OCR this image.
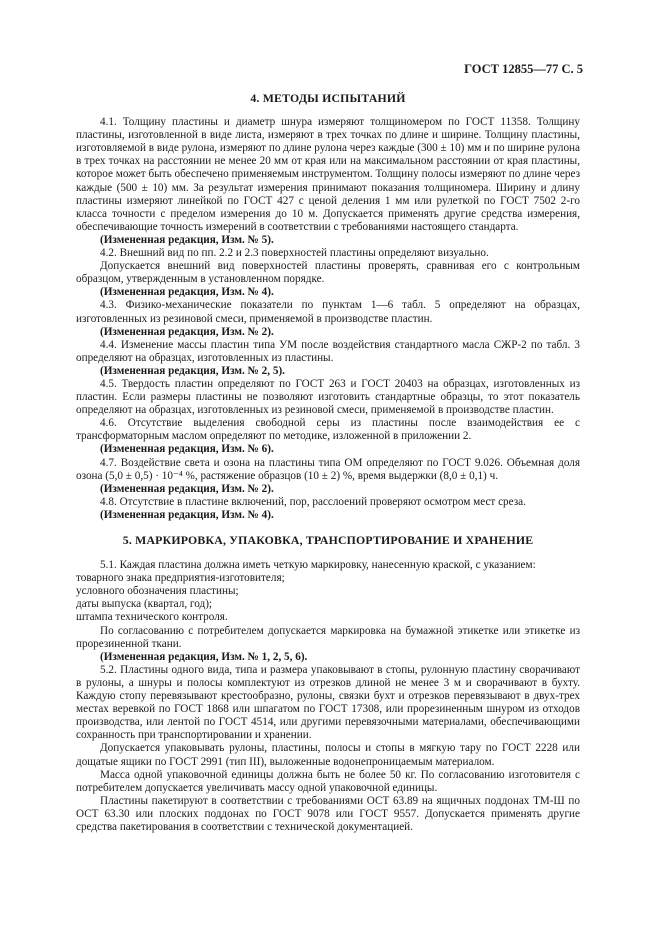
ГОСТ 12855—77 С. 5
4. МЕТОДЫ ИСПЫТАНИЙ

4.1. Толщину пластины и диаметр шнура измеряют толщиномером по ГОСТ 11358. Толщину пластины, изготовленной в виде листа, измеряют в трех точках по длине и ширине. Толщину пластины, изготовляемой в виде рулона, измеряют по длине рулона через каждые (300 ± 10) мм и по ширине рулона в трех точках на расстоянии не менее 20 мм от края или на максимальном расстоянии от края пластины, которое может быть обеспечено применяемым инструментом. Толщину полосы измеряют по длине через каждые (500 ± 10) мм. За результат измерения принимают показания толщиномера. Ширину и длину пластины измеряют линейкой по ГОСТ 427 с ценой деления 1 мм или рулеткой по ГОСТ 7502 2-го класса точности с пределом измерения до 10 м. Допускается применять другие средства измерения, обеспечивающие точность измерений в соответствии с требованиями настоящего стандарта.

(Измененная редакция, Изм. № 5).

4.2. Внешний вид по пп. 2.2 и 2.3 поверхностей пластины определяют визуально.

Допускается внешний вид поверхностей пластины проверять, сравнивая его с контрольным образцом, утвержденным в установленном порядке.

(Измененная редакция, Изм. № 4).

4.3. Физико-механические показатели по пунктам 1—6 табл. 5 определяют на образцах, изготовленных из резиновой смеси, применяемой в производстве пластин.

(Измененная редакция, Изм. № 2).

4.4. Изменение массы пластин типа УМ после воздействия стандартного масла СЖР-2 по табл. 3 определяют на образцах, изготовленных из пластины.

(Измененная редакция, Изм. № 2, 5).

4.5. Твердость пластин определяют по ГОСТ 263 и ГОСТ 20403 на образцах, изготовленных из пластин. Если размеры пластины не позволяют изготовить стандартные образцы, то этот показатель определяют на образцах, изготовленных из резиновой смеси, применяемой в производстве пластин.

4.6. Отсутствие выделения свободной серы из пластины после взаимодействия ее с трансформаторным маслом определяют по методике, изложенной в приложении 2.

(Измененная редакция, Изм. № 6).

4.7. Воздействие света и озона на пластины типа ОМ определяют по ГОСТ 9.026. Объемная доля озона (5,0 ± 0,5) · 10⁻⁴ %, растяжение образцов (10 ± 2) %, время выдержки (8,0 ± 0,1) ч.

(Измененная редакция, Изм. № 2).

4.8. Отсутствие в пластине включений, пор, расслоений проверяют осмотром мест среза.

(Измененная редакция, Изм. № 4).

5. МАРКИРОВКА, УПАКОВКА, ТРАНСПОРТИРОВАНИЕ И ХРАНЕНИЕ

5.1. Каждая пластина должна иметь четкую маркировку, нанесенную краской, с указанием:

товарного знака предприятия-изготовителя;

условного обозначения пластины;

даты выпуска (квартал, год);

штампа технического контроля.

По согласованию с потребителем допускается маркировка на бумажной этикетке или этикетке из прорезиненной ткани.

(Измененная редакция, Изм. № 1, 2, 5, 6).

5.2. Пластины одного вида, типа и размера упаковывают в стопы, рулонную пластину сворачивают в рулоны, а шнуры и полосы комплектуют из отрезков длиной не менее 3 м и сворачивают в бухту. Каждую стопу перевязывают крестообразно, рулоны, связки бухт и отрезков перевязывают в двух-трех местах веревкой по ГОСТ 1868 или шпагатом по ГОСТ 17308, или прорезиненным шнуром из отходов производства, или лентой по ГОСТ 4514, или другими перевязочными материалами, обеспечивающими сохранность при транспортировании и хранении.

Допускается упаковывать рулоны, пластины, полосы и стопы в мягкую тару по ГОСТ 2228 или дощатые ящики по ГОСТ 2991 (тип III), выложенные водонепроницаемым материалом.

Масса одной упаковочной единицы должна быть не более 50 кг. По согласованию изготовителя с потребителем допускается увеличивать массу одной упаковочной единицы.

Пластины пакетируют в соответствии с требованиями ОСТ 63.89 на ящичных поддонах ТМ-Ш по ОСТ 63.30 или плоских поддонах по ГОСТ 9078 или ГОСТ 9557. Допускается применять другие средства пакетирования в соответствии с технической документацией.
